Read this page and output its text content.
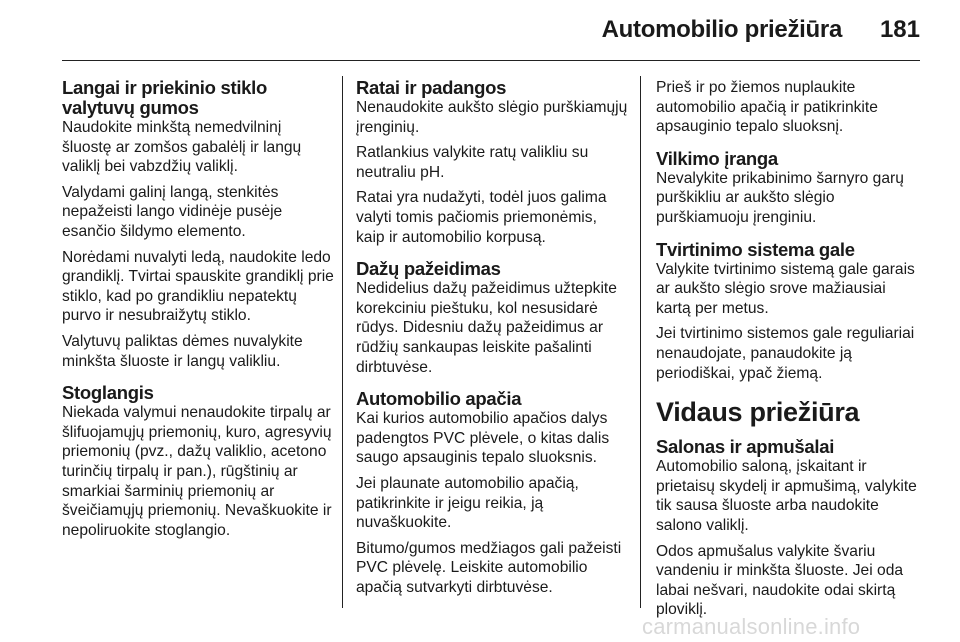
Automobilio priežiūra 181
Langai ir priekinio stiklo valytuvų gumos

Naudokite minkštą nemedvilninį šluostę ar zomšos gabalėlį ir langų valiklį bei vabzdžių valiklį.

Valydami galinį langą, stenkitės nepažeisti lango vidinėje pusėje esančio šildymo elemento.

Norėdami nuvalyti ledą, naudokite ledo grandiklį. Tvirtai spauskite grandiklį prie stiklo, kad po grandikliu nepatektų purvo ir nesubraižytų stiklo.

Valytuvų paliktas dėmes nuvalykite minkšta šluoste ir langų valikliu.

Stoglangis

Niekada valymui nenaudokite tirpalų ar šlifuojamųjų priemonių, kuro, agresyvių priemonių (pvz., dažų valiklio, acetono turinčių tirpalų ir pan.), rūgštinių ar smarkiai šarminių priemonių ar šveičiamųjų priemonių. Nevaškuokite ir nepoliruokite stoglangio.

Ratai ir padangos

Nenaudokite aukšto slėgio purškiamųjų įrenginių.

Ratlankius valykite ratų valikliu su neutraliu pH.

Ratai yra nudažyti, todėl juos galima valyti tomis pačiomis priemonėmis, kaip ir automobilio korpusą.

Dažų pažeidimas

Nedidelius dažų pažeidimus užtepkite korekciniu pieštuku, kol nesusidarė rūdys. Didesniu dažų pažeidimus ar rūdžių sankaupas leiskite pašalinti dirbtuvėse.

Automobilio apačia

Kai kurios automobilio apačios dalys padengtos PVC plėvele, o kitas dalis saugo apsauginis tepalo sluoksnis.

Jei plaunate automobilio apačią, patikrinkite ir jeigu reikia, ją nuvaškuokite.

Bitumo/gumos medžiagos gali pažeisti PVC plėvelę. Leiskite automobilio apačią sutvarkyti dirbtuvėse.

Prieš ir po žiemos nuplaukite automobilio apačią ir patikrinkite apsauginio tepalo sluoksnį.

Vilkimo įranga

Nevalykite prikabinimo šarnyro garų purškikliu ar aukšto slėgio purškiamuoju įrenginiu.

Tvirtinimo sistema gale

Valykite tvirtinimo sistemą gale garais ar aukšto slėgio srove mažiausiai kartą per metus.

Jei tvirtinimo sistemos gale reguliariai nenaudojate, panaudokite ją periodiškai, ypač žiemą.

Vidaus priežiūra
Salonas ir apmušalai

Automobilio saloną, įskaitant ir prietaisų skydelį ir apmušimą, valykite tik sausa šluoste arba naudokite salono valiklį.

Odos apmušalus valykite švariu vandeniu ir minkšta šluoste. Jei oda labai nešvari, naudokite odai skirtą ploviklį.

carmanualsonline.info
